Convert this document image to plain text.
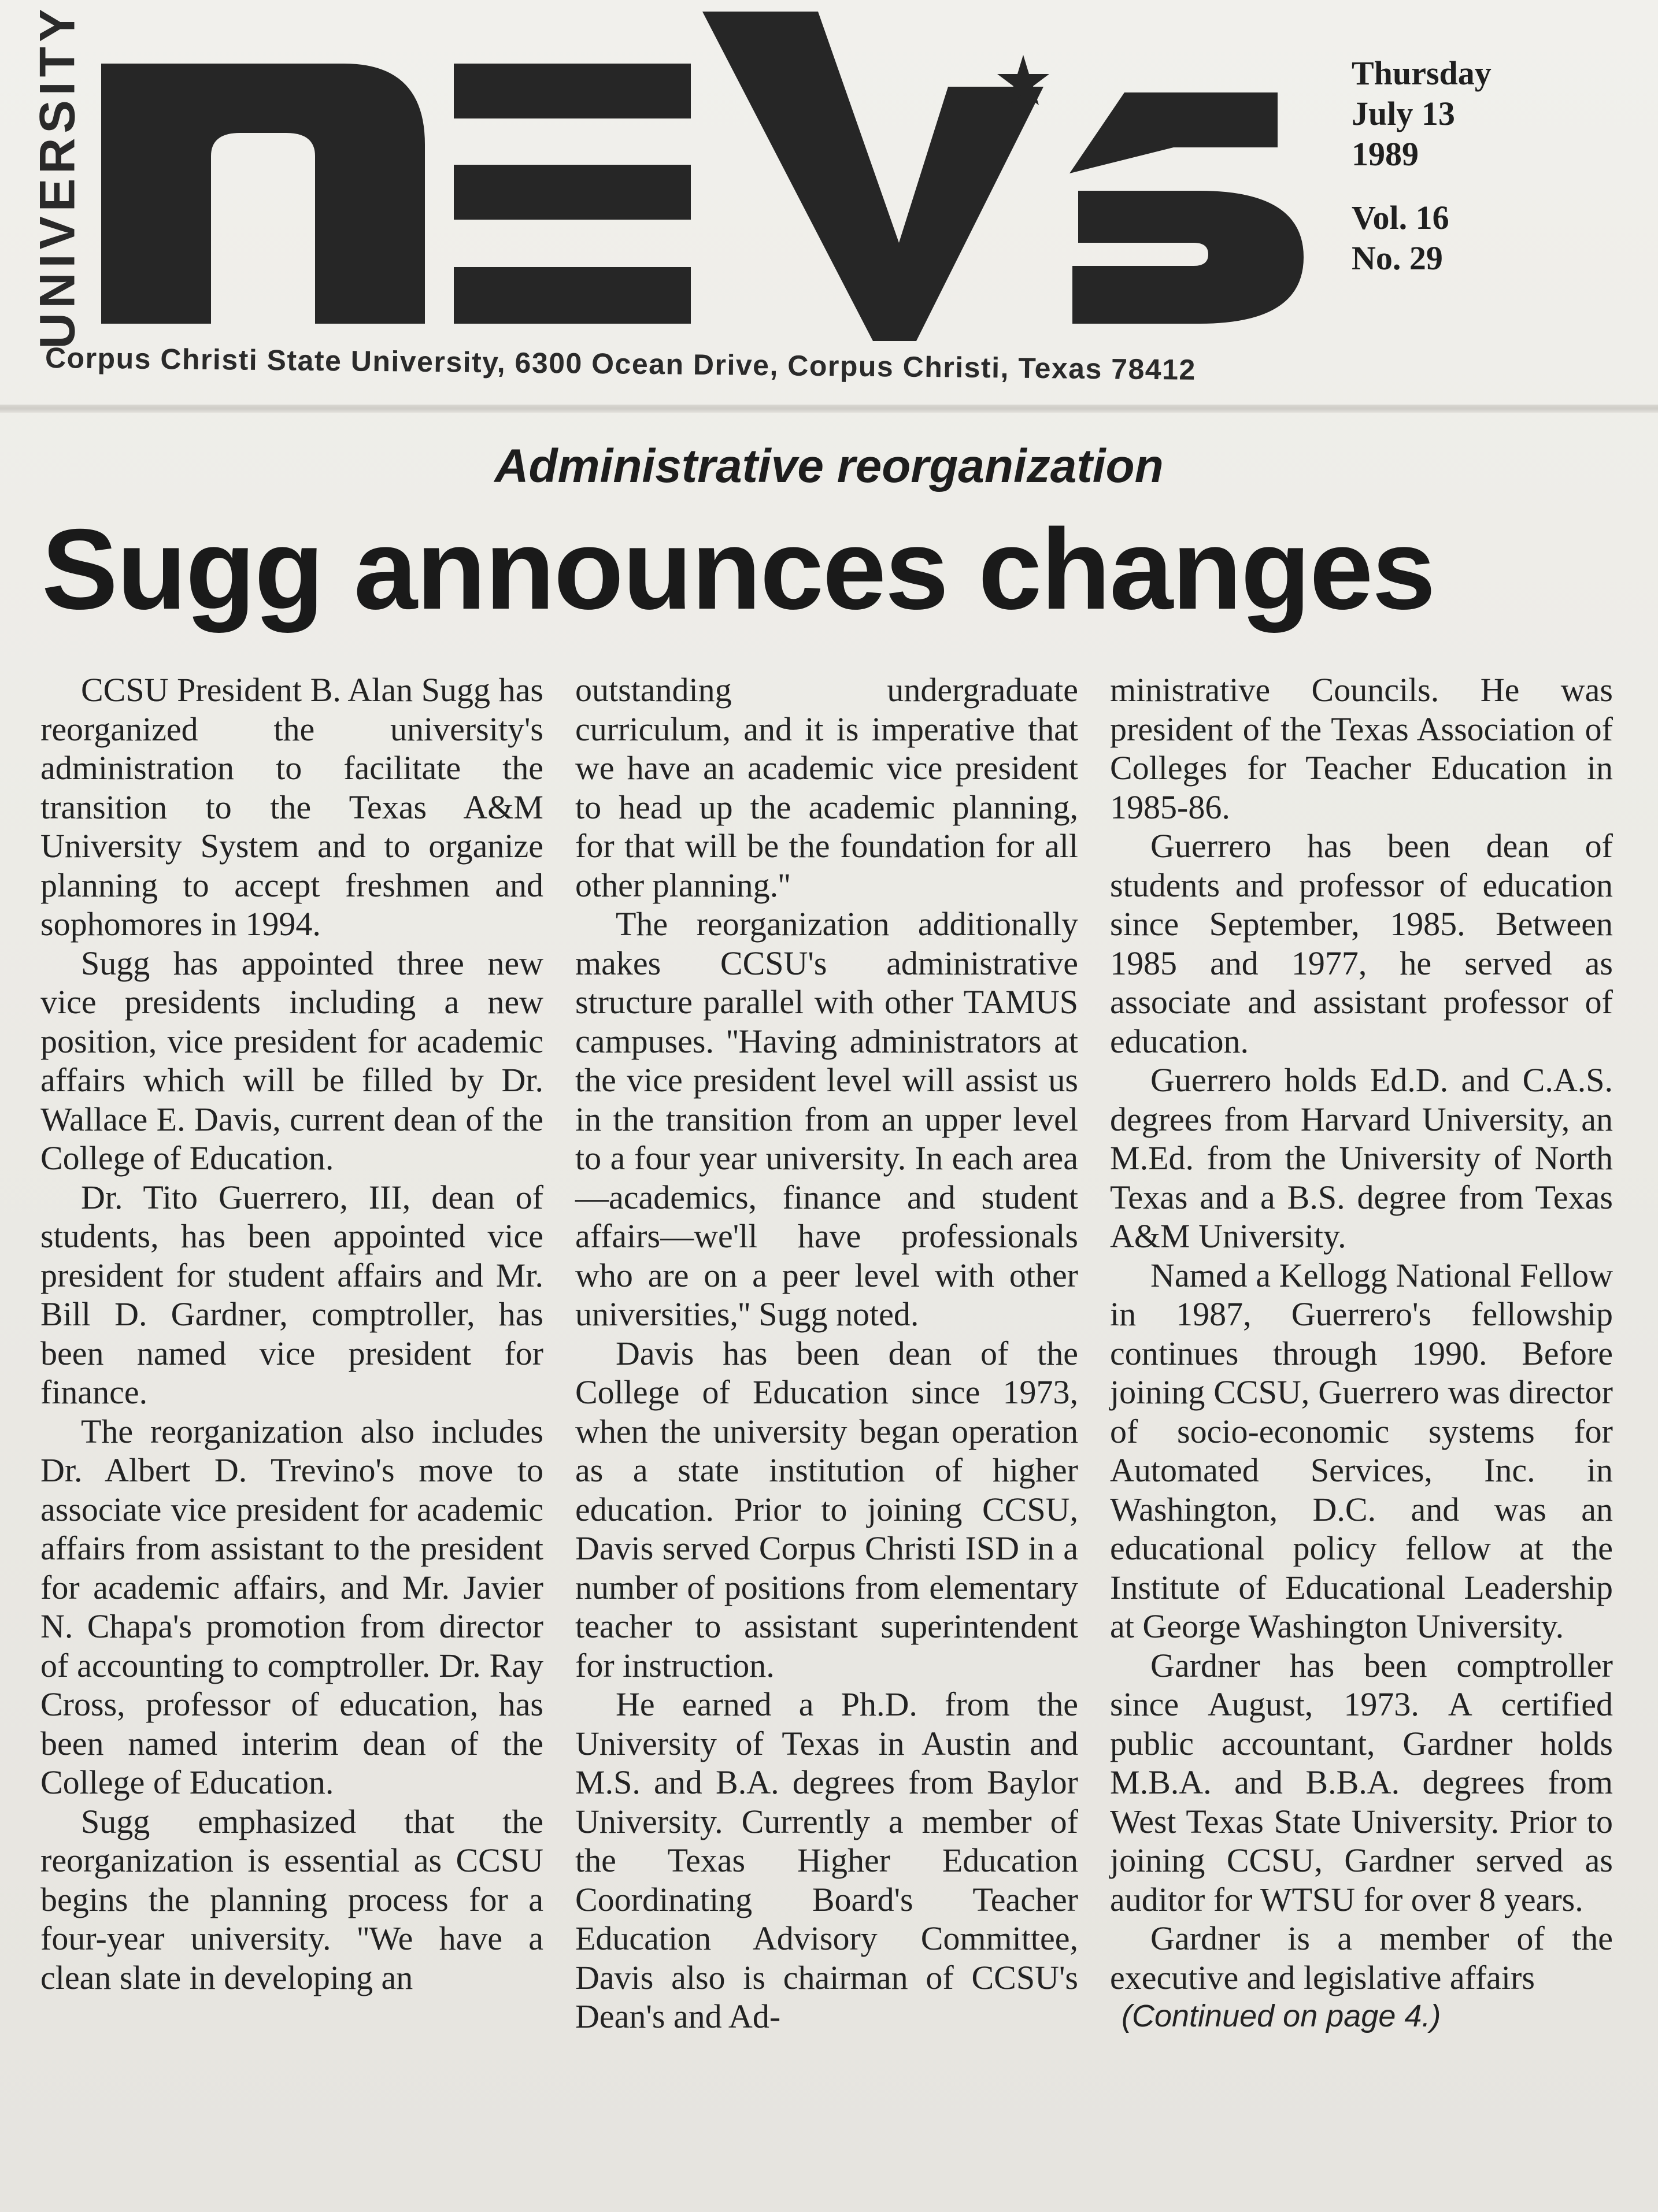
UNIVERSITY	Thursday
July 13
1989
Vol. 16
No. 29
Corpus Christi State University, 6300 Ocean Drive, Corpus Christi, Texas 78412
Administrative reorganization
Sugg announces changes

CCSU President B. Alan Sugg has reorganized the university's administration to facilitate the transition to the Texas A&M University System and to organize planning to accept freshmen and sophomores in 1994.

Sugg has appointed three new vice presidents including a new position, vice president for academic affairs which will be filled by Dr. Wallace E. Davis, current dean of the College of Education.

Dr. Tito Guerrero, III, dean of students, has been appointed vice president for student affairs and Mr. Bill D. Gardner, comptroller, has been named vice president for finance.

The reorganization also includes Dr. Albert D. Trevino's move to associate vice president for academic affairs from assistant to the president for academic affairs, and Mr. Javier N. Chapa's promotion from director of accounting to comptroller. Dr. Ray Cross, professor of education, has been named interim dean of the College of Education.

Sugg emphasized that the reorganization is essential as CCSU begins the planning process for a four-year university. ''We have a clean slate in developing an

outstanding undergraduate curriculum, and it is imperative that we have an academic vice president to head up the academic planning, for that will be the foundation for all other planning.''

The reorganization additionally makes CCSU's administrative structure parallel with other TAMUS campuses. ''Having administrators at the vice president level will assist us in the transition from an upper level to a four year university. In each area—academics, finance and student affairs—we'll have professionals who are on a peer level with other universities,'' Sugg noted.

Davis has been dean of the College of Education since 1973, when the university began operation as a state institution of higher education. Prior to joining CCSU, Davis served Corpus Christi ISD in a number of positions from elementary teacher to assistant superintendent for instruction.

He earned a Ph.D. from the University of Texas in Austin and M.S. and B.A. degrees from Baylor University. Currently a member of the Texas Higher Education Coordinating Board's Teacher Education Advisory Committee, Davis also is chairman of CCSU's Dean's and Ad-

ministrative Councils. He was president of the Texas Association of Colleges for Teacher Education in 1985-86.

Guerrero has been dean of students and professor of education since September, 1985. Between 1985 and 1977, he served as associate and assistant professor of education.

Guerrero holds Ed.D. and C.A.S. degrees from Harvard University, an M.Ed. from the University of North Texas and a B.S. degree from Texas A&M University.

Named a Kellogg National Fellow in 1987, Guerrero's fellowship continues through 1990. Before joining CCSU, Guerrero was director of socio-economic systems for Automated Services, Inc. in Washington, D.C. and was an educational policy fellow at the Institute of Educational Leadership at George Washington University.

Gardner has been comptroller since August, 1973. A certified public accountant, Gardner holds M.B.A. and B.B.A. degrees from West Texas State University. Prior to joining CCSU, Gardner served as auditor for WTSU for over 8 years.

Gardner is a member of the executive and legislative affairs

(Continued on page 4.)
